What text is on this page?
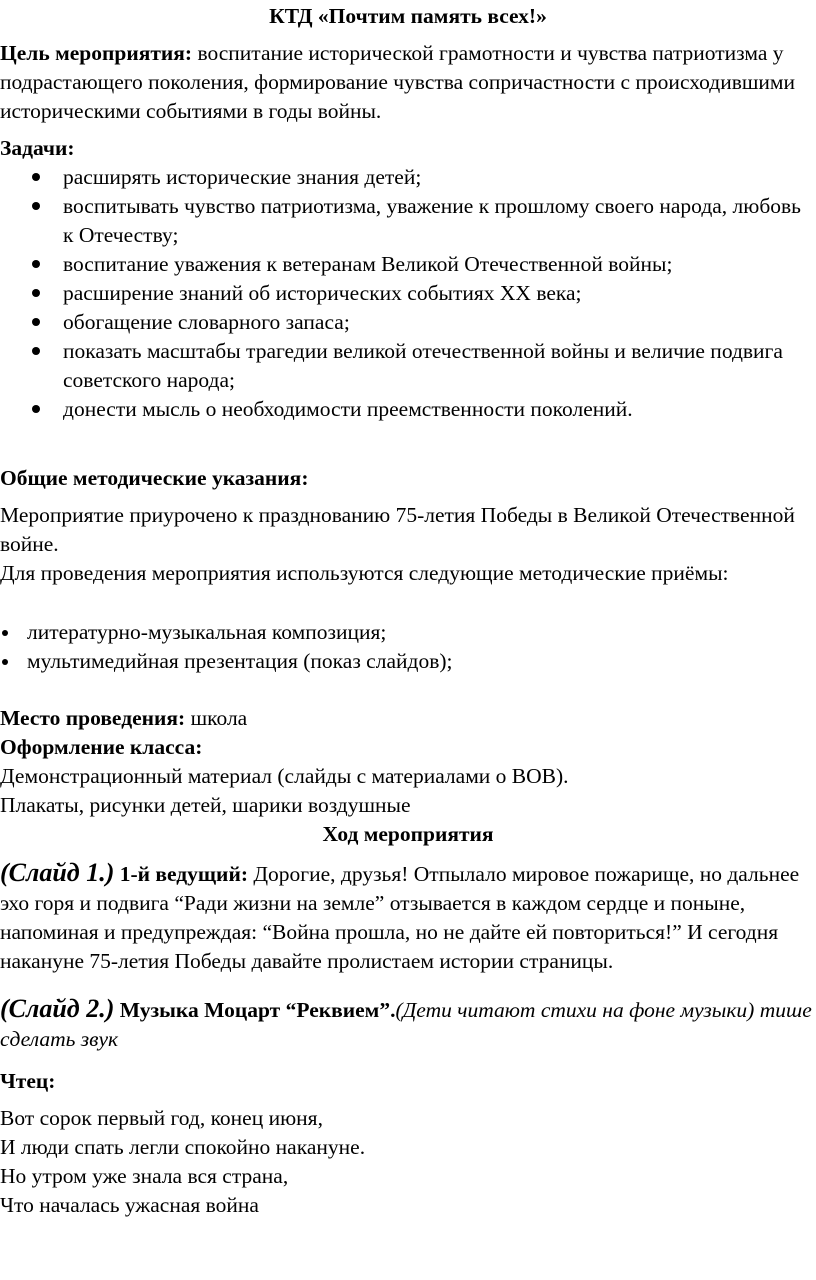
КТД «Почтим память всех!»

Цель мероприятия: воспитание исторической грамотности и чувства патриотизма у подрастающего поколения, формирование чувства сопричастности с происходившими историческими событиями в годы войны.

Задачи:

расширять исторические знания детей;
воспитывать чувство патриотизма, уважение к прошлому своего народа, любовь к Отечеству;
воспитание уважения к ветеранам Великой Отечественной войны;
расширение знаний об исторических событиях XX века;
обогащение словарного запаса;
показать масштабы трагедии великой отечественной войны и величие подвига советского народа;
донести мысль о необходимости преемственности поколений.

Общие методические указания:

Мероприятие приурочено к празднованию 75-летия Победы в Великой Отечественной войне.

Для проведения мероприятия используются следующие методические приёмы:

литературно-музыкальная композиция;
мультимедийная презентация (показ слайдов);

Место проведения: школа

Оформление класса:

Демонстрационный материал (слайды с материалами о ВОВ).

Плакаты, рисунки детей, шарики воздушные

Ход мероприятия

(Слайд 1.) 1-й ведущий: Дорогие, друзья! Отпылало мировое пожарище, но дальнее эхо горя и подвига “Ради жизни на земле” отзывается в каждом сердце и поныне, напоминая и предупреждая: “Война прошла, но не дайте ей повториться!” И сегодня накануне 75-летия Победы давайте пролистаем истории страницы.

(Слайд 2.) Музыка Моцарт “Реквием”.(Дети читают стихи на фоне музыки) тише сделать звук

Чтец:

Вот сорок первый год, конец июня,

И люди спать легли спокойно накануне.

Но утром уже знала вся страна,

Что началась ужасная война
